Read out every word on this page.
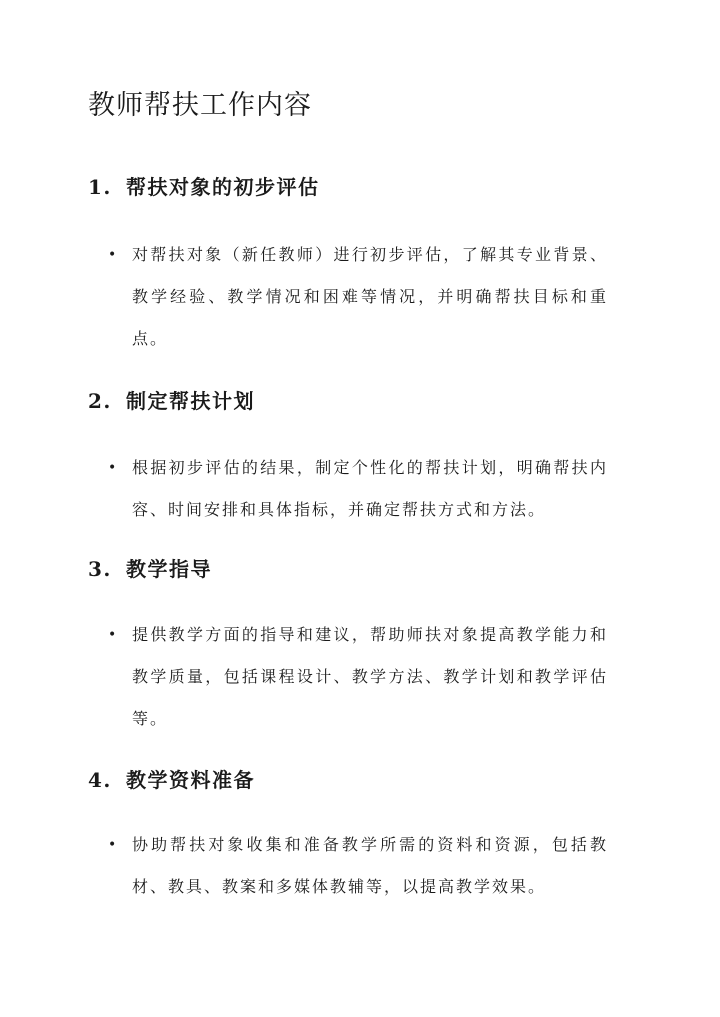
教师帮扶工作内容
1. 帮扶对象的初步评估
• 对帮扶对象（新任教师）进行初步评估，了解其专业背景、教学经验、教学情况和困难等情况，并明确帮扶目标和重点。
2. 制定帮扶计划
• 根据初步评估的结果，制定个性化的帮扶计划，明确帮扶内容、时间安排和具体指标，并确定帮扶方式和方法。
3. 教学指导
• 提供教学方面的指导和建议，帮助师扶对象提高教学能力和教学质量，包括课程设计、教学方法、教学计划和教学评估等。
4. 教学资料准备
• 协助帮扶对象收集和准备教学所需的资料和资源，包括教材、教具、教案和多媒体教辅等，以提高教学效果。
